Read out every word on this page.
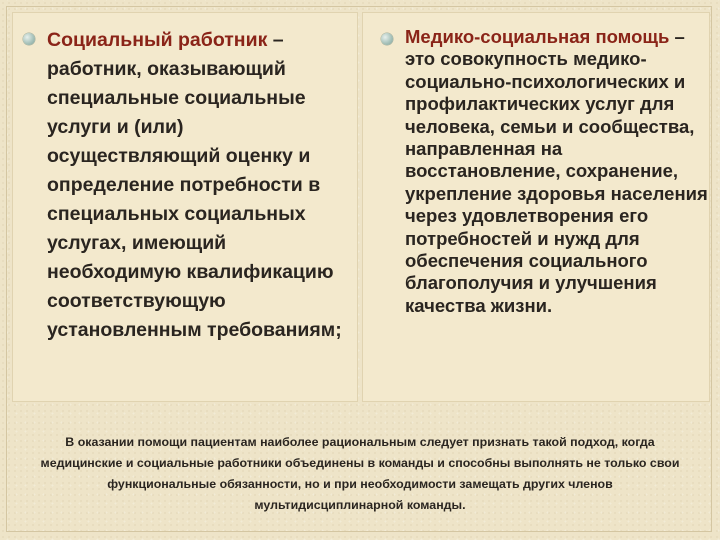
Социальный работник – работник, оказывающий специальные социальные услуги и (или) осуществляющий оценку и определение потребности в специальных социальных услугах, имеющий необходимую квалификацию соответствующую установленным требованиям;

Медико-социальная помощь – это совокупность медико-социально-психологических и профилактических услуг для человека, семьи и сообщества, направленная на восстановление, сохранение, укрепление здоровья населения через удовлетворения его потребностей и нужд для обеспечения социального благополучия и улучшения качества жизни.

В оказании помощи пациентам наиболее рациональным следует признать такой подход, когда медицинские и социальные работники объединены в команды и способны выполнять не только свои функциональные обязанности, но и при необходимости замещать других членов мультидисциплинарной команды.
